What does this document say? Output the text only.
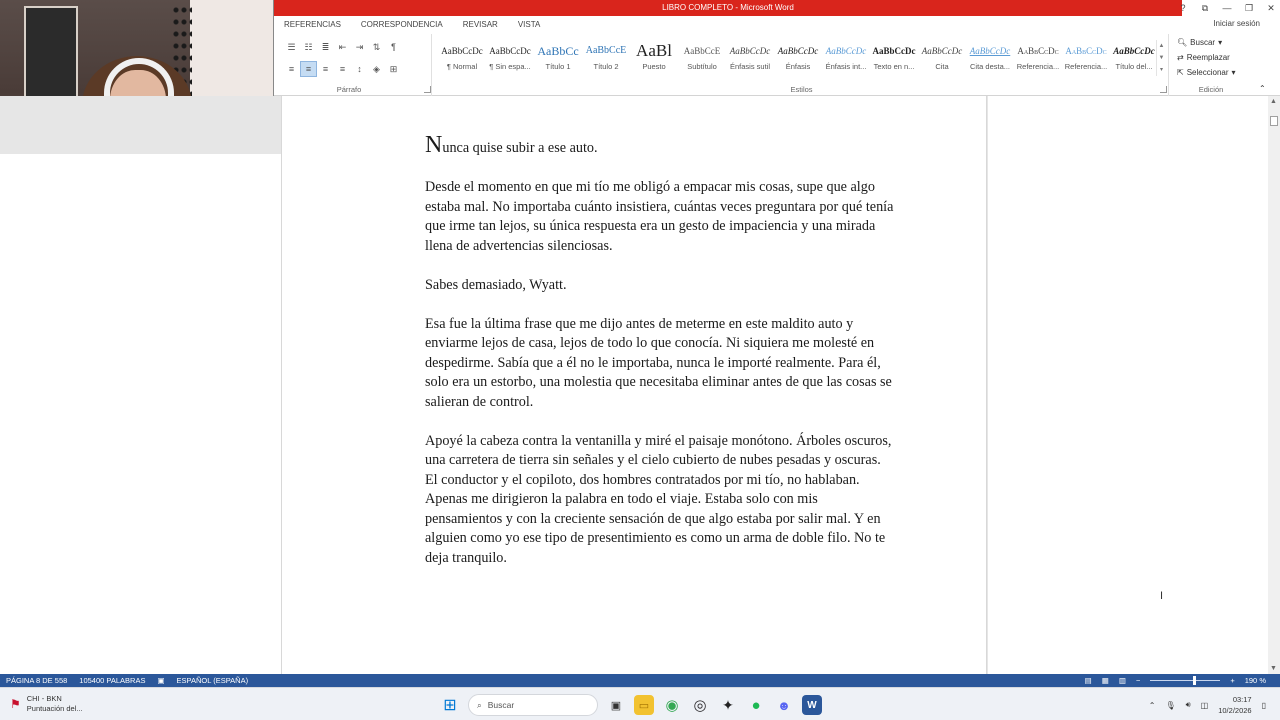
LIBRO COMPLETO - Microsoft Word	? ⧉ — ❐ ✕
REFERENCIAS	CORRESPONDENCIA	REVISAR	VISTA	Iniciar sesión
☰ ☷	≣	⇤	⇥	⇅	¶
≡	≡	≡	≡	↕	◈	⊞
Párrafo
AaBbCcDc
¶ Normal
AaBbCcDc
¶ Sin espa...
AaBbCc
Título 1
AaBbCcE
Título 2
AaBl
Puesto
AaBbCcE
Subtítulo
AaBbCcDc
Énfasis sutil
AaBbCcDc
Énfasis
AaBbCcDc
Énfasis int...
AaBbCcDc
Texto en n...
AaBbCcDc
Cita
AaBbCcDc
Cita desta...
AaBbCcDc
Referencia...
AaBbCcDc
Referencia...
AaBbCcDc
Título del...
▲
▼
▾
Estilos
🔍︎ Buscar ▾
⇄ Reemplazar
⇱ Seleccionar ▾
Edición	⌃

Nunca quise subir a ese auto.

Desde el momento en que mi tío me obligó a empacar mis cosas, supe que algo estaba mal. No importaba cuánto insistiera, cuántas veces preguntara por qué tenía que irme tan lejos, su única respuesta era un gesto de impaciencia y una mirada llena de advertencias silenciosas.

Sabes demasiado, Wyatt.

Esa fue la última frase que me dijo antes de meterme en este maldito auto y enviarme lejos de casa, lejos de todo lo que conocía. Ni siquiera me molesté en despedirme. Sabía que a él no le importaba, nunca le importé realmente. Para él, solo era un estorbo, una molestia que necesitaba eliminar antes de que las cosas se salieran de control.

Apoyé la cabeza contra la ventanilla y miré el paisaje monótono. Árboles oscuros, una carretera de tierra sin señales y el cielo cubierto de nubes pesadas y oscuras. El conductor y el copiloto, dos hombres contratados por mi tío, no hablaban. Apenas me dirigieron la palabra en todo el viaje. Estaba solo con mis pensamientos y con la creciente sensación de que algo estaba por salir mal. Y en alguien como yo ese tipo de presentimiento es como un arma de doble filo. No te deja tranquilo.

I
▲
▼
PÁGINA 8 DE 558	105400 PALABRAS	▣	ESPAÑOL (ESPAÑA)	▤ ▦ ▥ −	+ 190 %
⚑ CHI - BKN
Puntuación del...	⊞	⌕ Buscar	▣	▭	◉ ◎ ✦	●	☻	W	⌃ 🎙︎ 🔊︎ ◫
03:17
10/2/2026
▯
